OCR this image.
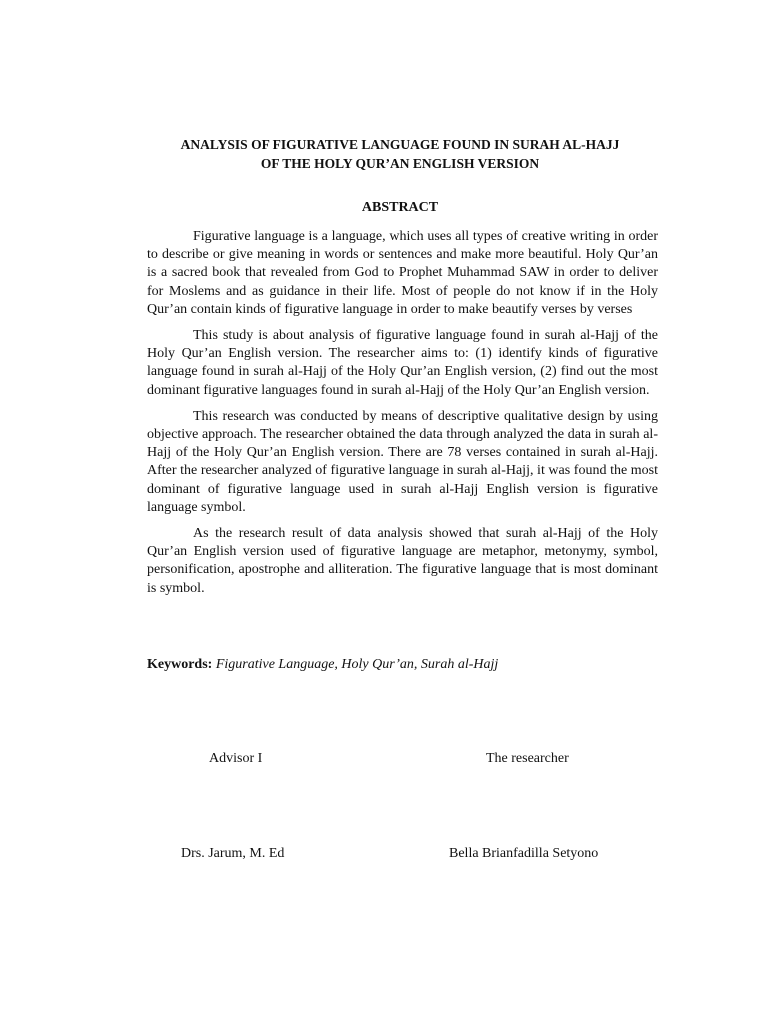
ANALYSIS OF FIGURATIVE LANGUAGE FOUND IN SURAH AL-HAJJ
OF THE HOLY QUR’AN ENGLISH VERSION
ABSTRACT

Figurative language is a language, which uses all types of creative writing in order to describe or give meaning in words or sentences and make more beautiful. Holy Qur’an is a sacred book that revealed from God to Prophet Muhammad SAW in order to deliver for Moslems and as guidance in their life. Most of people do not know if in the Holy Qur’an contain kinds of figurative language in order to make beautify verses by verses

This study is about analysis of figurative language found in surah al-Hajj of the Holy Qur’an English version. The researcher aims to: (1) identify kinds of figurative language found in surah al-Hajj of the Holy Qur’an English version, (2) find out the most dominant figurative languages found in surah al-Hajj of the Holy Qur’an English version.

This research was conducted by means of descriptive qualitative design by using objective approach. The researcher obtained the data through analyzed the data in surah al-Hajj of the Holy Qur’an English version. There are 78 verses contained in surah al-Hajj. After the researcher analyzed of figurative language in surah al-Hajj, it was found the most dominant of figurative language used in surah al-Hajj English version is figurative language symbol.

As the research result of data analysis showed that surah al-Hajj of the Holy Qur’an English version used of figurative language are metaphor, metonymy, symbol, personification, apostrophe and alliteration. The figurative language that is most dominant is symbol.

Keywords: Figurative Language, Holy Qur’an, Surah al-Hajj
Advisor I	The researcher
Drs. Jarum, M. Ed	Bella Brianfadilla Setyono
